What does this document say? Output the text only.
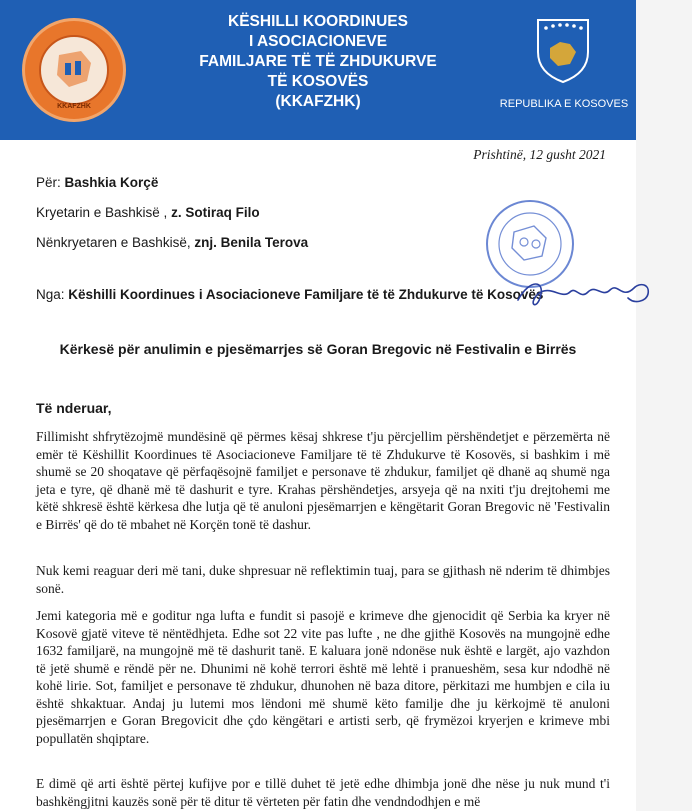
KKAFZHK
KËSHILLI KOORDINUES
I ASOCIACIONEVE
FAMILJARE TË TË ZHDUKURVE
TË KOSOVËS
(KKAFZHK)	REPUBLIKA E KOSOVES
Prishtinë, 12 gusht 2021
Për: Bashkia Korçë
Kryetarin e Bashkisë , z. Sotiraq Filo
Nënkryetaren e Bashkisë, znj. Benila Terova
Nga: Këshilli Koordinues i Asociacioneve Familjare të të Zhdukurve të Kosovës
Kërkesë për anulimin e pjesëmarrjes së Goran Bregovic në Festivalin e Birrës
Të nderuar,

Fillimisht shfrytëzojmë mundësinë që përmes kësaj shkrese t'ju përcjellim përshëndetjet e përzemërta në emër të Këshillit Koordinues të Asociacioneve Familjare të të Zhdukurve të Kosovës, si bashkim i më shumë se 20 shoqatave që përfaqësojnë familjet e personave të zhdukur, familjet që dhanë aq shumë nga jeta e tyre, që dhanë më të dashurit e tyre. Krahas përshëndetjes, arsyeja që na nxiti t'ju drejtohemi me këtë shkresë është kërkesa dhe lutja që të anuloni pjesëmarrjen e këngëtarit Goran Bregovic në 'Festivalin e Birrës' që do të mbahet në Korçën tonë të dashur.

Nuk kemi reaguar deri më tani, duke shpresuar në reflektimin tuaj, para se gjithash në nderim të dhimbjes sonë.

Jemi kategoria më e goditur nga lufta e fundit si pasojë e krimeve dhe gjenocidit që Serbia ka kryer në Kosovë gjatë viteve të nëntëdhjeta. Edhe sot 22 vite pas lufte , ne dhe gjithë Kosovës na mungojnë edhe 1632 familjarë, na mungojnë më të dashurit tanë. E kaluara jonë ndonëse nuk është e largët, ajo vazhdon të jetë shumë e rëndë për ne. Dhunimi në kohë terrori është më lehtë i pranueshëm, sesa kur ndodhë në kohë lirie. Sot, familjet e personave të zhdukur, dhunohen në baza ditore, përkitazi me humbjen e cila iu është shkaktuar. Andaj ju lutemi mos lëndoni më shumë këto familje dhe ju kërkojmë të anuloni pjesëmarrjen e Goran Bregovicit dhe çdo këngëtari e artisti serb, që frymëzoi kryerjen e krimeve mbi popullatën shqiptare.

E dimë që arti është përtej kufijve por e tillë duhet të jetë edhe dhimbja jonë dhe nëse ju nuk mund t'i bashkëngjitni kauzës sonë për të ditur të vërteten për fatin dhe vendndodhjen e më
